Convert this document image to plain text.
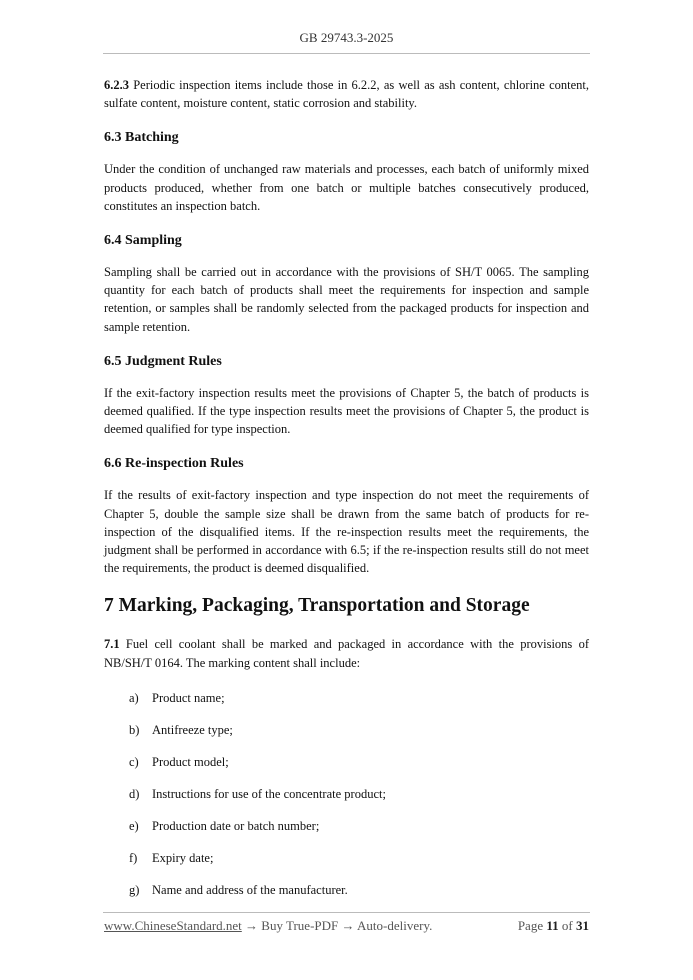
GB 29743.3-2025

6.2.3 Periodic inspection items include those in 6.2.2, as well as ash content, chlorine content, sulfate content, moisture content, static corrosion and stability.

6.3 Batching

Under the condition of unchanged raw materials and processes, each batch of uniformly mixed products produced, whether from one batch or multiple batches consecutively produced, constitutes an inspection batch.

6.4 Sampling

Sampling shall be carried out in accordance with the provisions of SH/T 0065. The sampling quantity for each batch of products shall meet the requirements for inspection and sample retention, or samples shall be randomly selected from the packaged products for inspection and sample retention.

6.5 Judgment Rules

If the exit-factory inspection results meet the provisions of Chapter 5, the batch of products is deemed qualified. If the type inspection results meet the provisions of Chapter 5, the product is deemed qualified for type inspection.

6.6 Re-inspection Rules

If the results of exit-factory inspection and type inspection do not meet the requirements of Chapter 5, double the sample size shall be drawn from the same batch of products for re-inspection of the disqualified items. If the re-inspection results meet the requirements, the judgment shall be performed in accordance with 6.5; if the re-inspection results still do not meet the requirements, the product is deemed disqualified.

7 Marking, Packaging, Transportation and Storage

7.1 Fuel cell coolant shall be marked and packaged in accordance with the provisions of NB/SH/T 0164. The marking content shall include:

a) Product name;
b) Antifreeze type;
c) Product model;
d) Instructions for use of the concentrate product;
e) Production date or batch number;
f) Expiry date;
g) Name and address of the manufacturer.
www.ChineseStandard.net → Buy True-PDF → Auto-delivery.	Page 11 of 31
